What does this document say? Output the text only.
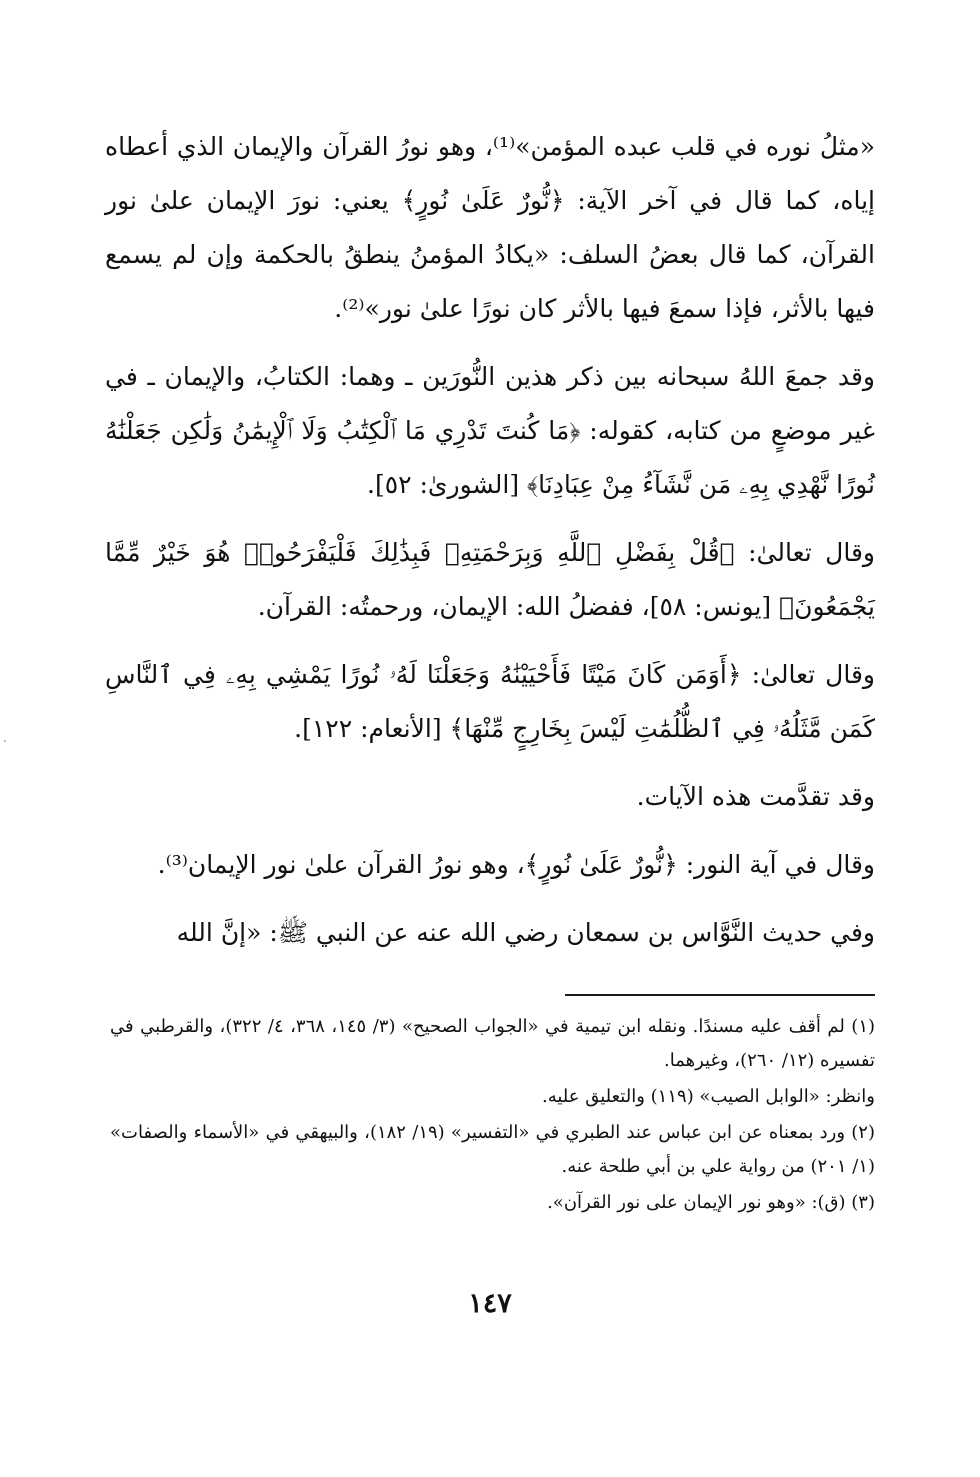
«مثلُ نوره في قلب عبده المؤمن»⁽¹⁾، وهو نورُ القرآن والإيمان الذي أعطاه إياه، كما قال في آخر الآية: ﴿نُّورٌ عَلَىٰ نُورٍ﴾ يعني: نورَ الإيمان علىٰ نور القرآن، كما قال بعضُ السلف: «يكادُ المؤمنُ ينطقُ بالحكمة وإن لم يسمع فيها بالأثر، فإذا سمعَ فيها بالأثر كان نورًا علىٰ نور»⁽²⁾.

وقد جمعَ اللهُ سبحانه بين ذكر هذين النُّورَين ـ وهما: الكتابُ، والإيمان ـ في غير موضعٍ من كتابه، كقوله: ﴿مَا كُنتَ تَدْرِي مَا ٱلْكِتَٰبُ وَلَا ٱلْإِيمَٰنُ وَلَٰكِن جَعَلْنَٰهُ نُورًا نَّهْدِي بِهِۦ مَن نَّشَآءُ مِنْ عِبَادِنَا﴾ [الشورىٰ: ٥٢].

وقال تعالىٰ: ﴿قُلْ بِفَضْلِ ٱللَّهِ وَبِرَحْمَتِهِۦ فَبِذَٰلِكَ فَلْيَفْرَحُوا۟ هُوَ خَيْرٌ مِّمَّا يَجْمَعُونَ﴾ [يونس: ٥٨]، ففضلُ الله: الإيمان، ورحمتُه: القرآن.

وقال تعالىٰ: ﴿أَوَمَن كَانَ مَيْتًا فَأَحْيَيْنَٰهُ وَجَعَلْنَا لَهُۥ نُورًا يَمْشِي بِهِۦ فِي ٱلنَّاسِ كَمَن مَّثَلُهُۥ فِي ٱلظُّلُمَٰتِ لَيْسَ بِخَارِجٍ مِّنْهَا﴾ [الأنعام: ١٢٢].

وقد تقدَّمت هذه الآيات.

وقال في آية النور: ﴿نُّورٌ عَلَىٰ نُورٍ﴾، وهو نورُ القرآن علىٰ نور الإيمان⁽³⁾.

وفي حديث النَّوَّاس بن سمعان رضي الله عنه عن النبي ﷺ: «إنَّ الله

(١) لم أقف عليه مسندًا. ونقله ابن تيمية في «الجواب الصحيح» (٣/ ١٤٥، ٣٦٨، ٤/ ٣٢٢)، والقرطبي في تفسيره (١٢/ ٢٦٠)، وغيرهما.

وانظر: «الوابل الصيب» (١١٩) والتعليق عليه.

(٢) ورد بمعناه عن ابن عباس عند الطبري في «التفسير» (١٩/ ١٨٢)، والبيهقي في «الأسماء والصفات» (١/ ٢٠١) من رواية علي بن أبي طلحة عنه.

(٣) (ق): «وهو نور الإيمان على نور القرآن».

١٤٧
